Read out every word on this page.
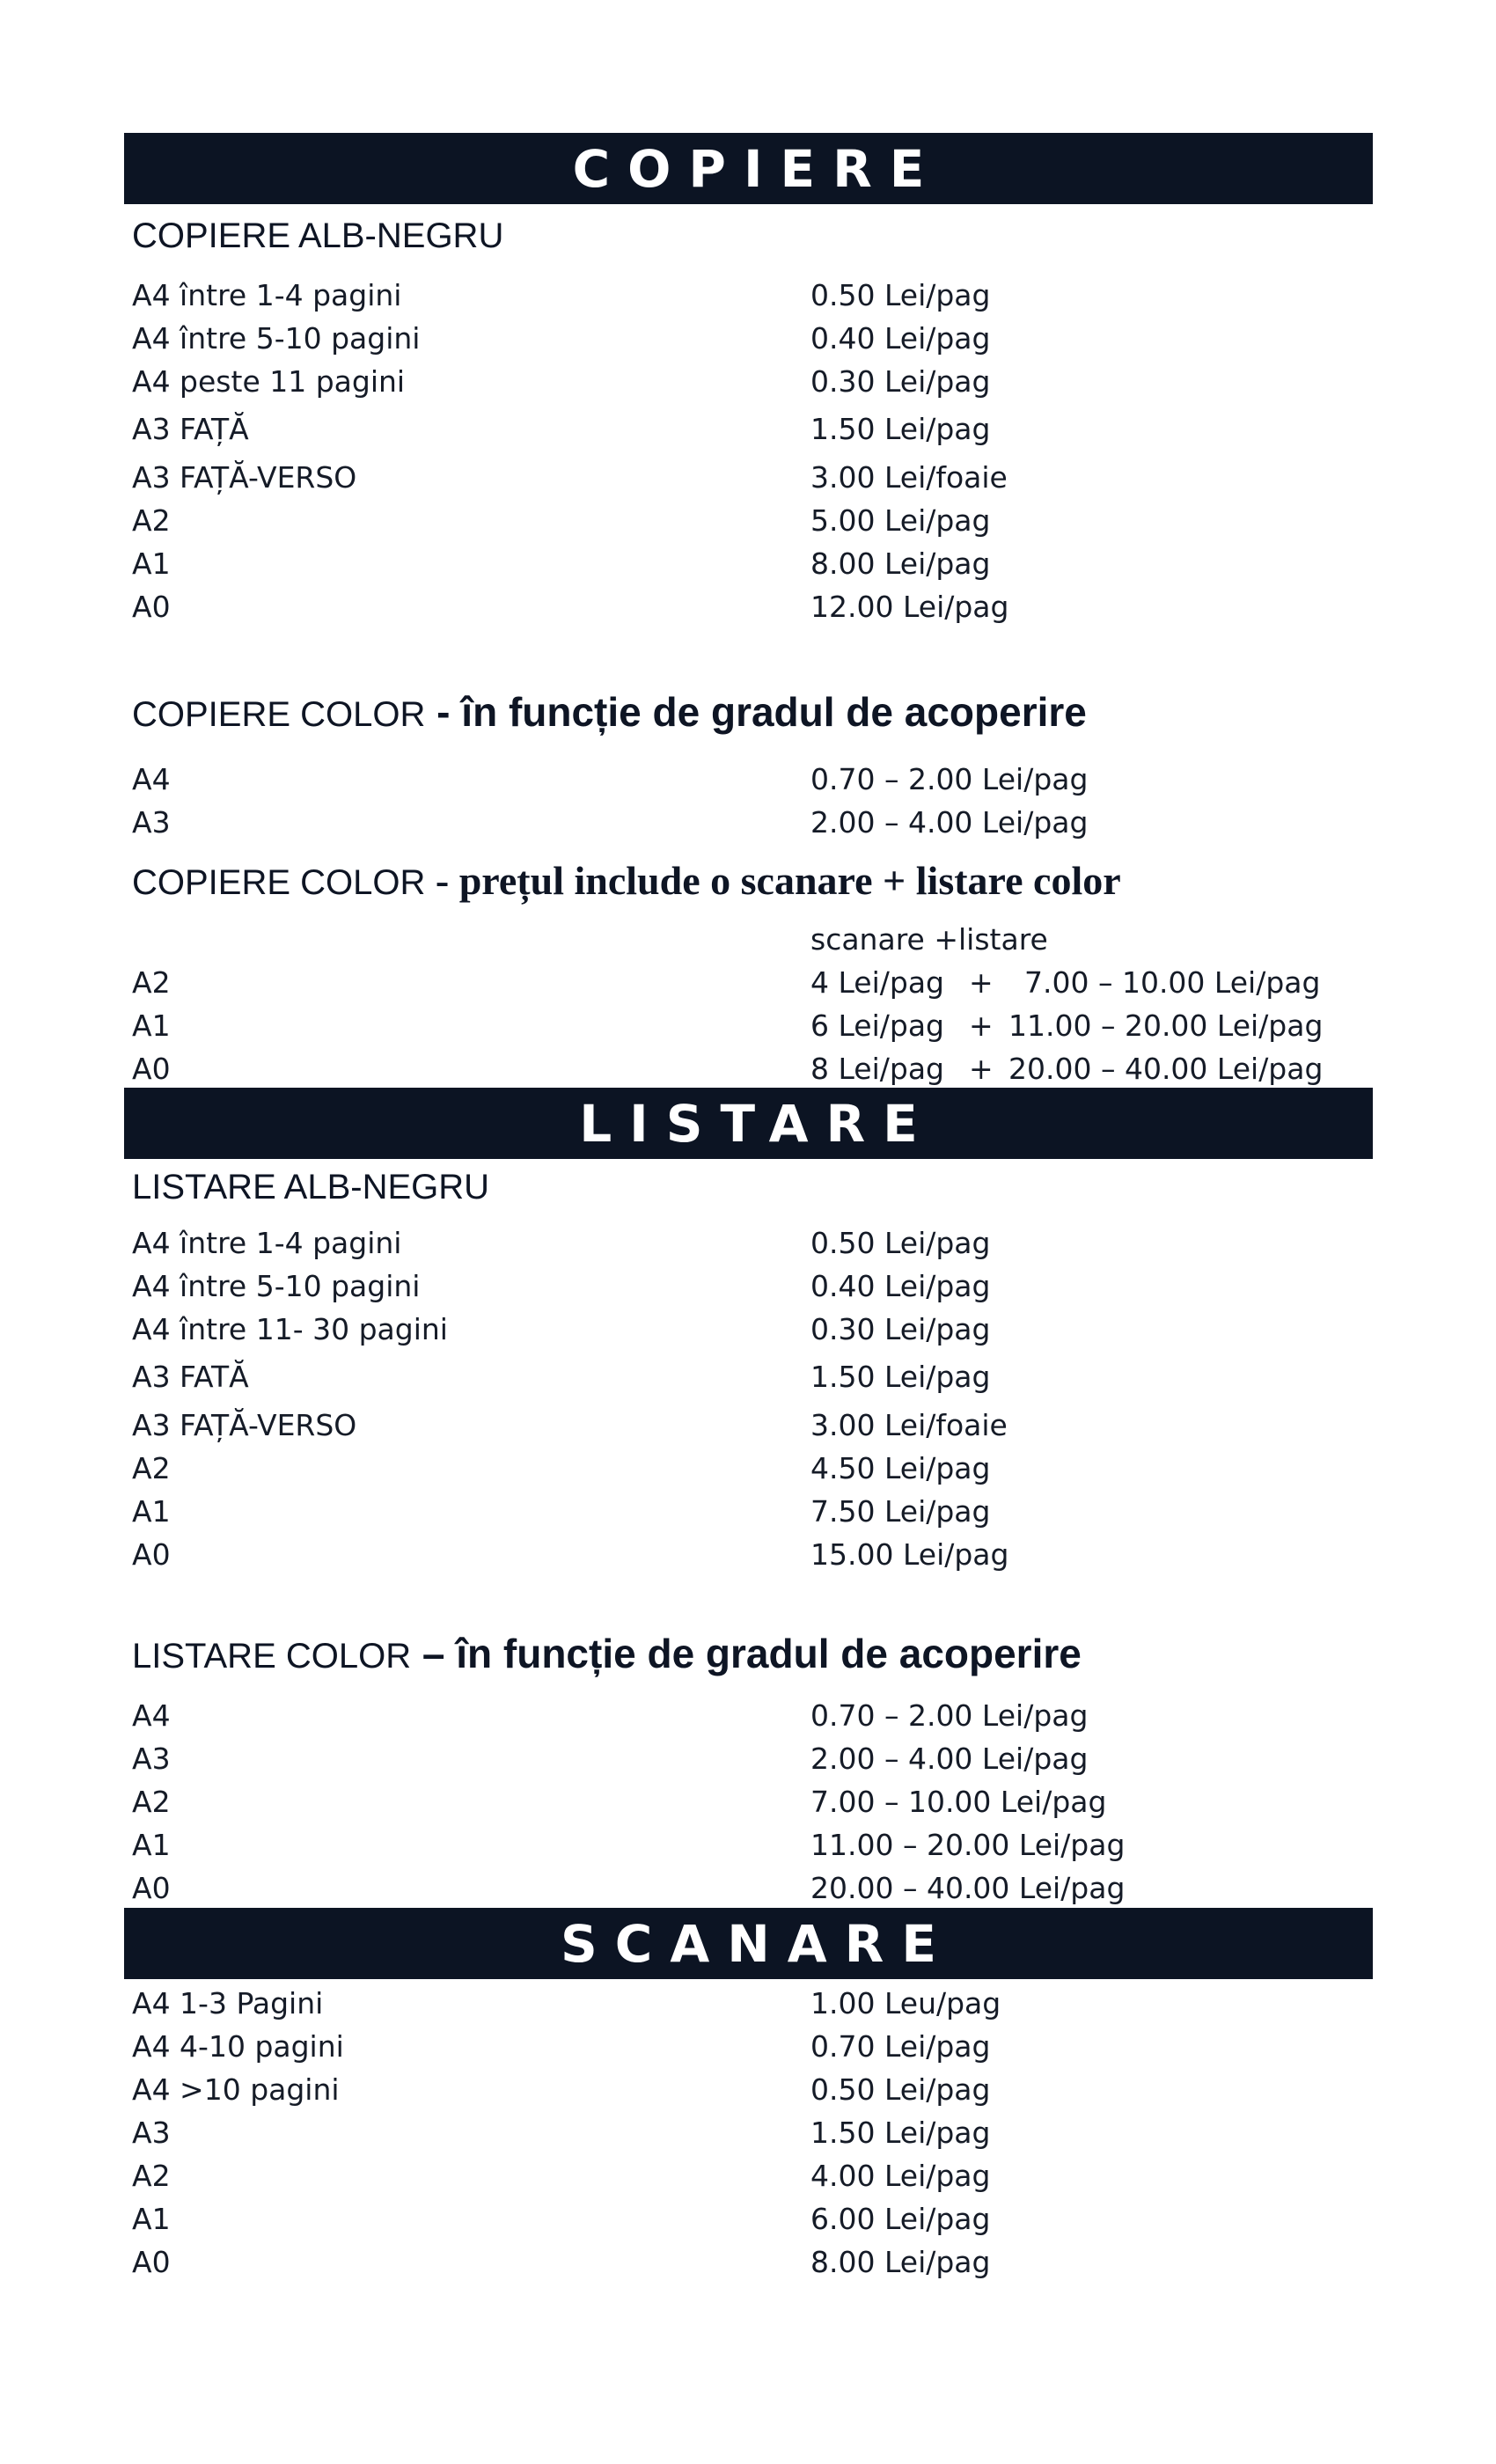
COPIERE
COPIERE ALB-NEGRU
A4 între 1-4 pagini	0.50 Lei/pag
A4 între 5-10 pagini	0.40 Lei/pag
A4 peste 11 pagini	0.30 Lei/pag
A3 FAȚĂ	1.50 Lei/pag
A3 FAȚĂ-VERSO	3.00 Lei/foaie
A2	5.00 Lei/pag
A1	8.00 Lei/pag
A0	12.00 Lei/pag
COPIERE COLOR - în funcție de gradul de acoperire
A4	0.70 – 2.00 Lei/pag
A3	2.00 – 4.00 Lei/pag
COPIERE COLOR - prețul include o scanare + listare color
scanare + listare
A2	4 Lei/pag + 7.00 – 10.00 Lei/pag
A1	6 Lei/pag + 11.00 – 20.00 Lei/pag
A0	8 Lei/pag + 20.00 – 40.00 Lei/pag
LISTARE
LISTARE ALB-NEGRU
A4 între 1-4 pagini	0.50 Lei/pag
A4 între 5-10 pagini	0.40 Lei/pag
A4 între 11- 30 pagini	0.30 Lei/pag
A3 FATĂ	1.50 Lei/pag
A3 FAȚĂ-VERSO	3.00 Lei/foaie
A2	4.50 Lei/pag
A1	7.50 Lei/pag
A0	15.00 Lei/pag
LISTARE COLOR – în funcție de gradul de acoperire
A4	0.70 – 2.00 Lei/pag
A3	2.00 – 4.00 Lei/pag
A2	7.00 – 10.00 Lei/pag
A1	11.00 – 20.00 Lei/pag
A0	20.00 – 40.00 Lei/pag
SCANARE
A4 1-3 Pagini	1.00 Leu/pag
A4 4-10 pagini	0.70 Lei/pag
A4 >10 pagini	0.50 Lei/pag
A3	1.50 Lei/pag
A2	4.00 Lei/pag
A1	6.00 Lei/pag
A0	8.00 Lei/pag
